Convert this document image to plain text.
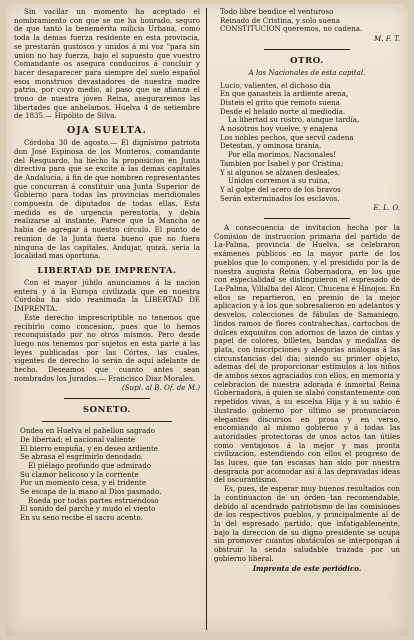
Sin vacilar un momento ha aceptado el nombramiento con que se me ha honrado, seguro de que tanto la benemérita milicia Urbana, como toda la demas fuerza residente en esta provincia, se prestarán gustosos y unidos á mi voz "para sin union no hay fuerza, bajo el supuesto que vuestro Comandante os asegura conduciros á concluir y hacer desaparecer para siempre del suelo español esos monstruos devastadores de nuestra madre patria, por cuyo medio, al paso que se afianza el trono de nuestra jóven Reina, aseguraremos las libertades que anhelamos. Huelva 4 de setiembre de 1835.— Hipólito de Silva.

OJA SUELTA.

Córdoba 30 de agosto.— El dignísimo patriota don José Espinosa de los Monteros, comandante del Resguardo, ha hecho la proposicion en Junta directiva para que se excite á las demas capitales de Andalucía, á fin de que nombren representantes que concurran á constituir una Junta Superior de Gobierno para todas las provincias meridionales compuesta de diputados de todas ellas. Esta medida es de urgencia perentoria, y debia realizarse al instante. Parece que la Mancha se habia de agregar á nuestro círculo. El punto de reunion de la Junta fuera bueno que no fuera ninguna de las capitales. Andujar, quizá, seria la localidad mas oportuna.

LIBERTAD DE IMPRENTA.

Con el mayor júbilo anunciamos á la nacion entera y á la Europa civilizada que en nuestra Córdoba ha sido reanimada la LIBERTAD DE IMPRENTA.

Este derecho imprescriptible no tenemos que recibirlo como concesion, pues que lo hemos reconquistado por no otros mismos. Pero desde luego nos tenemos por sujetos en esta parte á las leyes publicadas por las Córtes, las cuales, vigentes de derecho lo serán de aquí adelante de hecho. Deseamos que cuanto antes sean nombrados los Jurados.— Francisco Diaz Morales.

(Supl. al B. Of. de M.)
SONETO.

Ondea en Huelva el pabellon sagrado

De libertad; el nacional valiente

El bierro empuña, y en deseo ardiente

Se abrasa el esgrimirlo denodado.

El piélago profundo que admirado

Su clamor belicoso y la corriente

Por un momento cesa, y el tridente

Se escapa de la mano al Dios pasmado.

Rueda por todas partes estruendoso

El sonido del parche y mudo el viento

En su seno recibe el sacro acento.

Todo libre bendice el venturoso

Reinado de Cristina, y solo suena

CONSTITUCION queremos, no cadena.

M. F. T.
OTRO.

A los Nacionales de esta capital.

Lucio, valientes, el dichoso dia

En que ganasteis la ardiente arena,

Disteis el grito que remoto suena

Desde el helado norte al mediodía.

La libertad su rostro, aunque tardía,

A nosotros hoy vuelve, y enajena

Los nobles pechos, que servil cadena

Detestan, y ominosa tiranía.

Por ella morimos, Nacionales!

Tambien por Isabel y por Cristina;

Y si algunos se alzasen desleales,

Unidos corremos á su ruina,

Y al golpe del acero de los bravos

Serán exterminados los esclavos.

E. L. O.

A consecuencia de invitacion hecha por la Comision de instruccion primaria del partido de La-Palma, provincia de Huelva, se celebraron exámenes públicos en la mayor parte de los pueblos que lo componen, y el presidido por la de nuestra augusta Reina Gobernadora, en los que con especialidad se distinguieron el espresado de La-Palma, Villalba del Alcor, Chucena é Hinojos. En ellos se repartieron, en premio de la mejor aplicacion y á los que sobresalieron en adelantos y desvelos, colecciones de fábulas de Samaniego, lindos ramos de flores contrahechas, cartuchos de dulces exquisitos con adornos de lazos de cintas y papel de colores, billetes, bandas y medallas de plata, con inscripciones y alegorías análogas á las circunstancias del dia; siendo su primer objeto, ademas del de proporcionar estímulos á los niños de ambos sexos agraciados con ellos, en memoria y celebracion de nuestra adorada é inmortal Reina Gobernadora, á quien se alabó constantemente con repetidos vivas, á su escelsa Hija y á su sabio é ilustrado gobierno por último se pronunciaron elegantes discursos en prosa y en verso, encomiando al mismo gobierno y á todas las autoridades protectoras de unos actos tan útiles como ventajosos á la mejor y mas pronta civilizacion, estendiendo con ellos el progreso de las luces, que tan escasas han sido por nuestra desgracia por acomodar así á las depravadas ideas del oscurantismo.

Es, pues, de esperar muy buenos resultados con la continuacion de un órden tan recomendable, debido al acendrado patriotismo de las comisiones de los respectivos pueblos, y principalmente al de la del espresado partido, que infatigablemente, bajo la direccion de su digno presidente se ocupa sin promover cuantos obstáculos se interpongan á obstruir la senda saludable trazada por un gobierno liberal.

Imprenta de este periódico.
